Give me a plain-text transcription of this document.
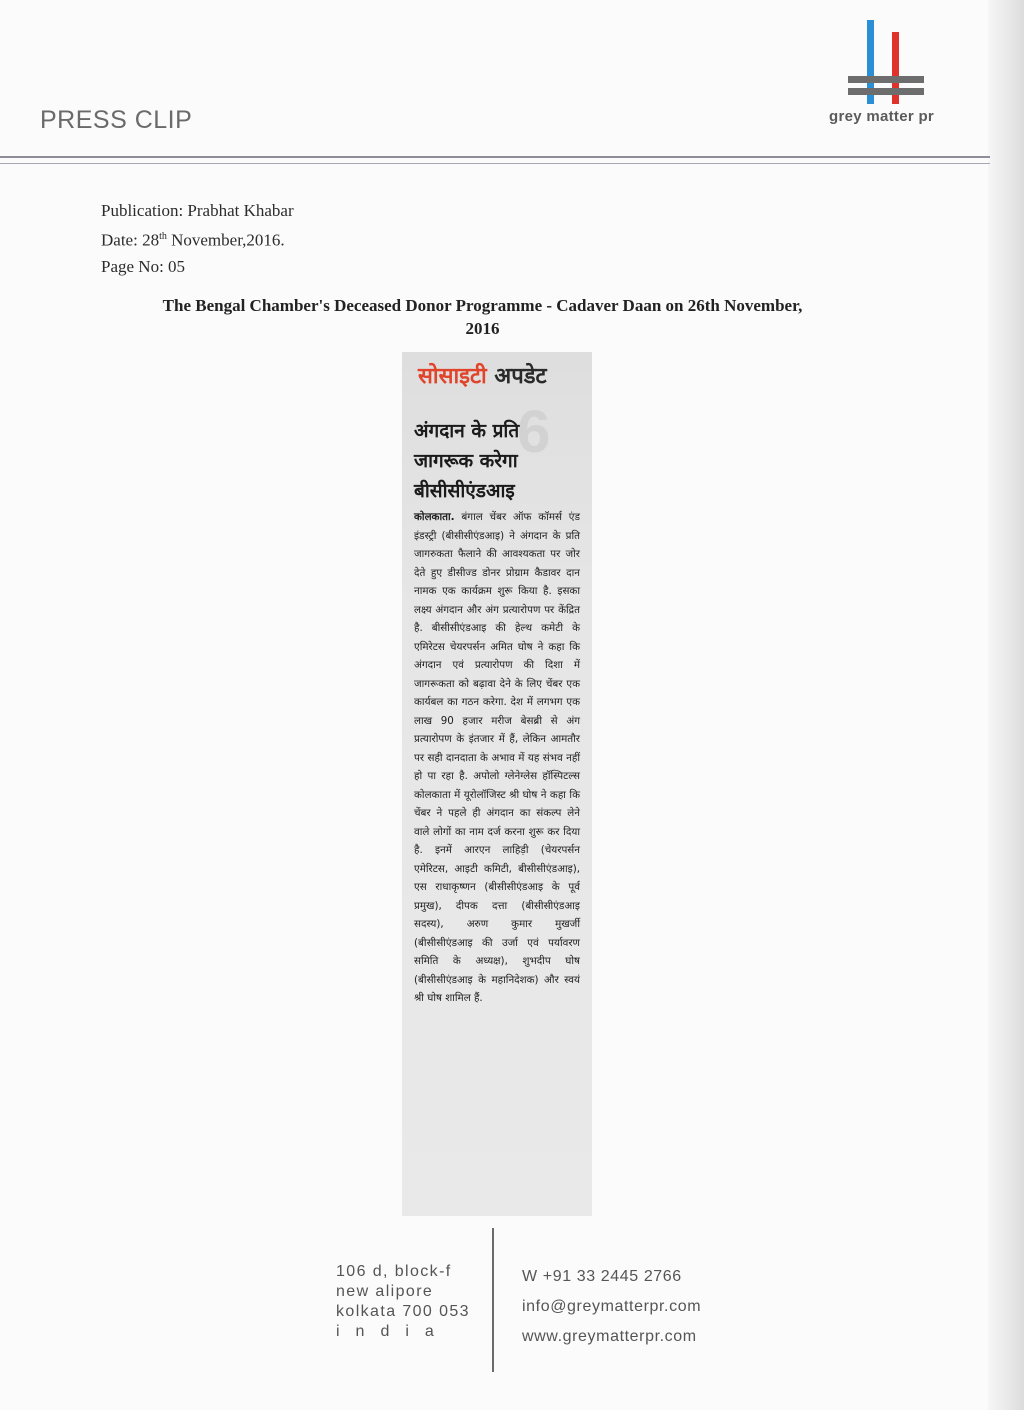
PRESS CLIP	grey matter pr
Publication: Prabhat Khabar
Date: 28th November,2016.
Page No: 05
The Bengal Chamber's Deceased Donor Programme - Cadaver Daan on 26th November, 2016
6
सोसाइटी अपडेट
अंगदान के प्रति जागरूक करेगा बीसीसीएंडआइ
कोलकाता. बंगाल चेंबर ऑफ कॉमर्स एंड इंडस्ट्री (बीसीसीएंडआइ) ने अंगदान के प्रति जागरुकता फैलाने की आवश्यकता पर जोर देते हुए डीसीज्ड डोनर प्रोग्राम कैडावर दान नामक एक कार्यक्रम शुरू किया है. इसका लक्ष्य अंगदान और अंग प्रत्यारोपण पर केंद्रित है. बीसीसीएंडआइ की हेल्थ कमेटी के एमिरेटस चेयरपर्सन अमित घोष ने कहा कि अंगदान एवं प्रत्यारोपण की दिशा में जागरूकता को बढ़ावा देने के लिए चेंबर एक कार्यबल का गठन करेगा. देश में लगभग एक लाख 90 हजार मरीज बेसब्री से अंग प्रत्यारोपण के इंतजार में हैं, लेकिन आमतौर पर सही दानदाता के अभाव में यह संभव नहीं हो पा रहा है. अपोलो ग्लेनेग्लेस हॉस्पिटल्स कोलकाता में यूरोलॉजिस्ट श्री घोष ने कहा कि चेंबर ने पहले ही अंगदान का संकल्प लेने वाले लोगों का नाम दर्ज करना शुरू कर दिया है. इनमें आरएन लाहिड़ी (चेयरपर्सन एमेरिटस, आइटी कमिटी, बीसीसीएंडआइ), एस राधाकृष्णन (बीसीसीएंडआइ के पूर्व प्रमुख), दीपक दत्ता (बीसीसीएंडआइ सदस्य), अरुण कुमार मुखर्जी (बीसीसीएंडआइ की उर्जा एवं पर्यावरण समिति के अध्यक्ष), शुभदीप घोष (बीसीसीएंडआइ के महानिदेशक) और स्वयं श्री घोष शामिल हैं.
106 d, block-f
new alipore
kolkata 700 053
india
W +91 33 2445 2766
info@greymatterpr.com
www.greymatterpr.com
